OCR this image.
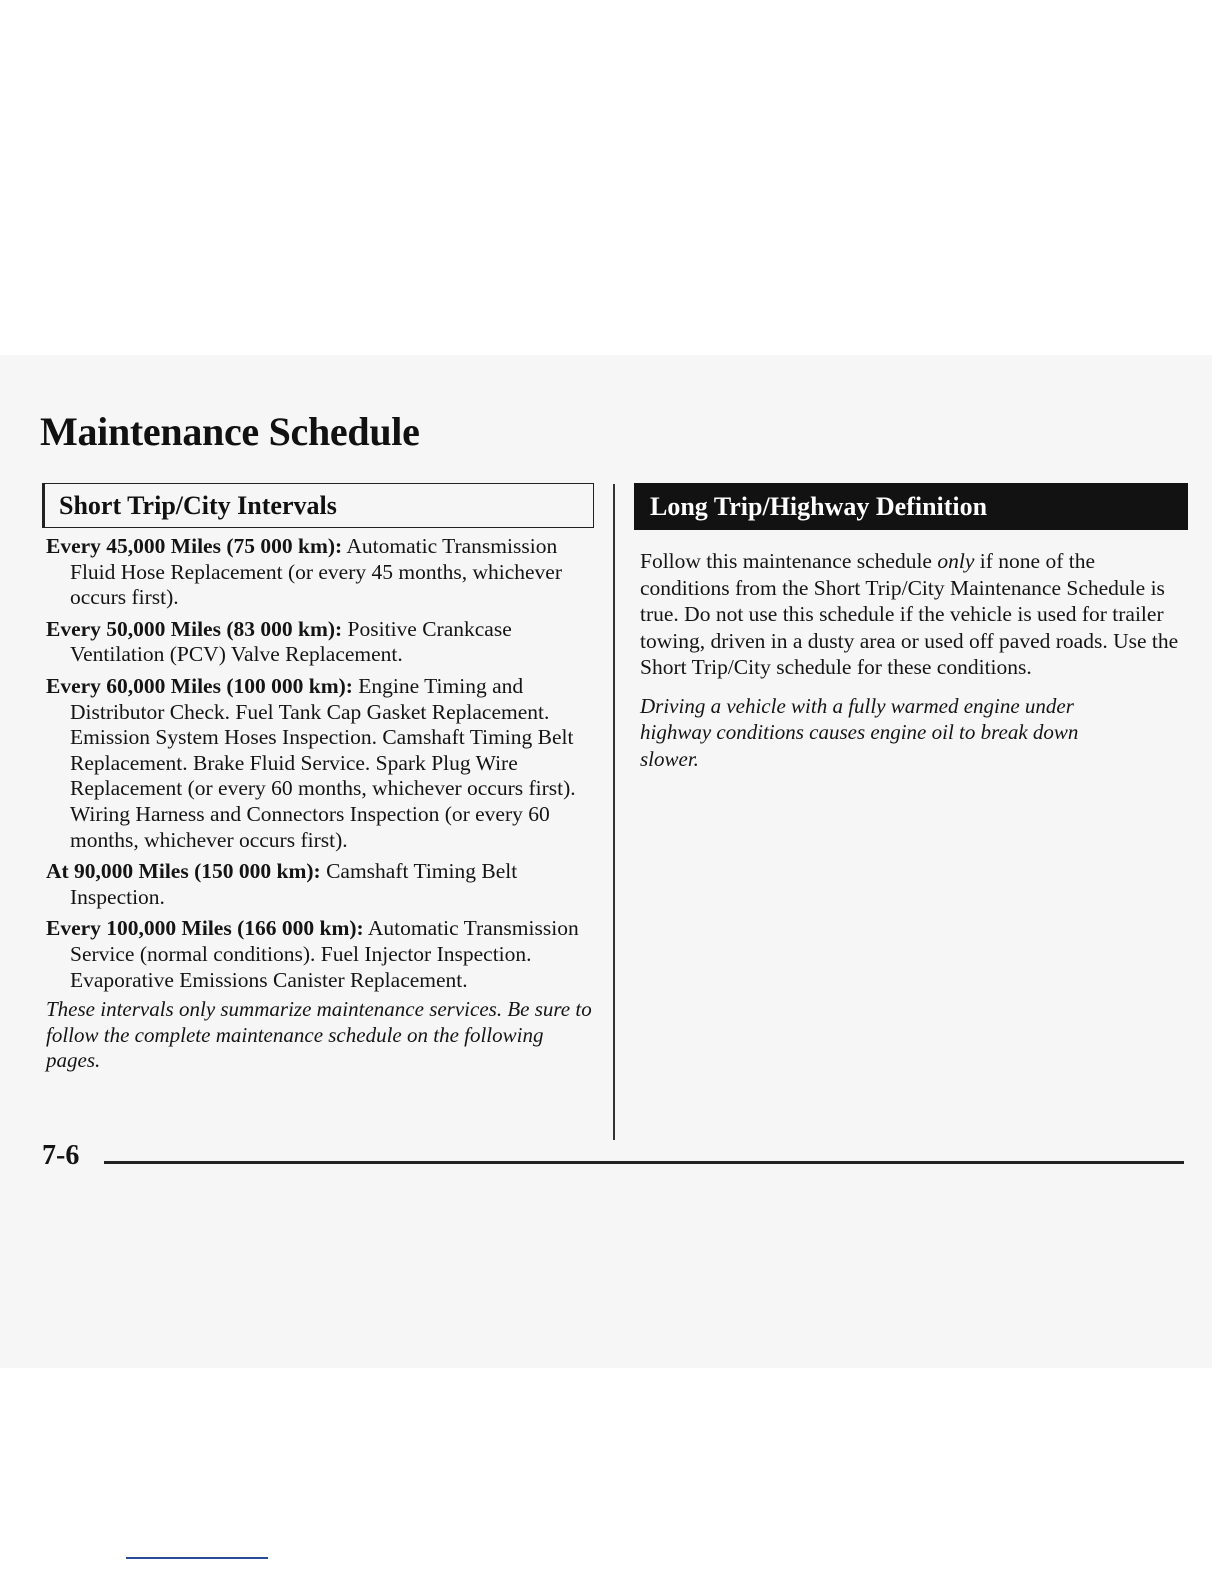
Maintenance Schedule
Short Trip/City Intervals

Every 45,000 Miles (75 000 km): Automatic Transmission Fluid Hose Replacement (or every 45 months, whichever occurs first).

Every 50,000 Miles (83 000 km): Positive Crankcase Ventilation (PCV) Valve Replacement.

Every 60,000 Miles (100 000 km): Engine Timing and Distributor Check. Fuel Tank Cap Gasket Replacement. Emission System Hoses Inspection. Camshaft Timing Belt Replacement. Brake Fluid Service. Spark Plug Wire Replacement (or every 60 months, whichever occurs first). Wiring Harness and Connectors Inspection (or every 60 months, whichever occurs first).

At 90,000 Miles (150 000 km): Camshaft Timing Belt Inspection.

Every 100,000 Miles (166 000 km): Automatic Transmission Service (normal conditions). Fuel Injector Inspection. Evaporative Emissions Canister Replacement.

These intervals only summarize maintenance services. Be sure to follow the complete maintenance schedule on the following pages.

Long Trip/Highway Definition

Follow this maintenance schedule only if none of the conditions from the Short Trip/City Maintenance Schedule is true. Do not use this schedule if the vehicle is used for trailer towing, driven in a dusty area or used off paved roads. Use the Short Trip/City schedule for these conditions.

Driving a vehicle with a fully warmed engine under highway conditions causes engine oil to break down slower.

7-6
